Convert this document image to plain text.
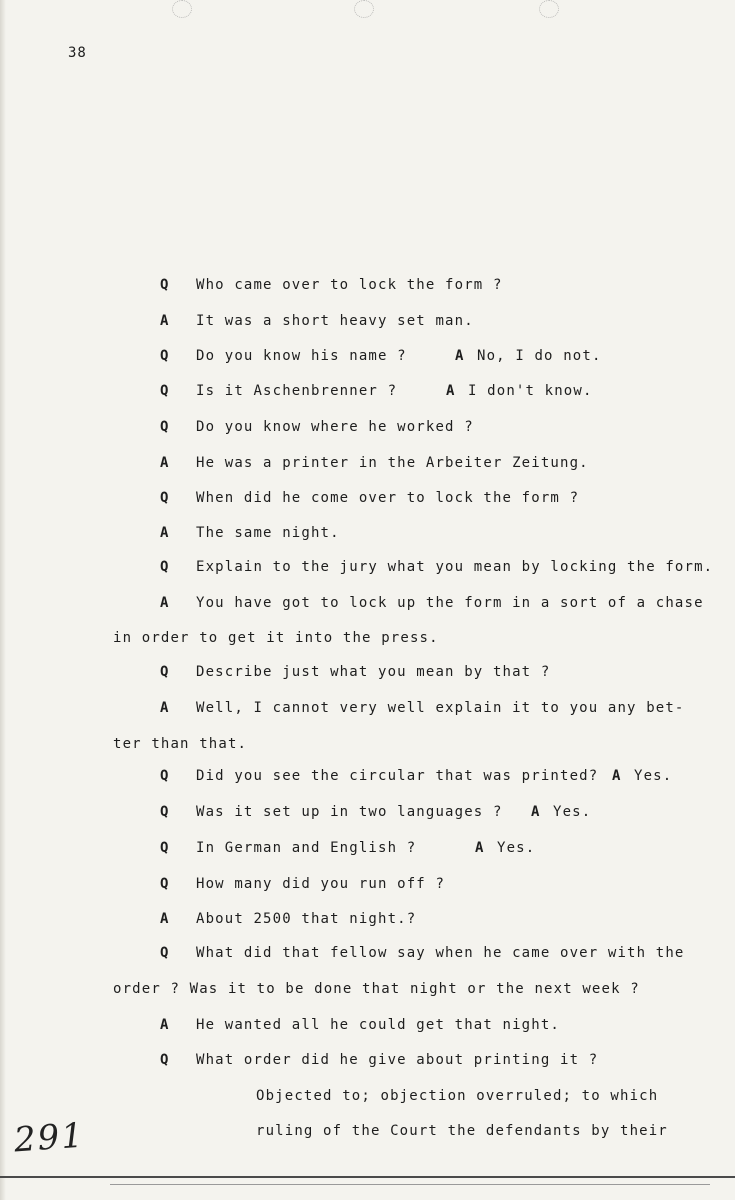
38
Q Who came over to lock the form ?
A It was a short heavy set man.
Q Do you know his name ?	A No, I do not.
Q Is it Aschenbrenner ?	A I don't know.
Q Do you know where he worked ?
A He was a printer in the Arbeiter Zeitung.
Q When did he come over to lock the form ?
A The same night.
Q Explain to the jury what you mean by locking the form.
A You have got to lock up the form in a sort of a chase
in order to get it into the press.
Q Describe just what you mean by that ?
A Well, I cannot very well explain it to you any bet-
ter than that.
Q Did you see the circular that was printed? A Yes.
Q Was it set up in two languages ? A Yes.
Q In German and English ?	A Yes.
Q How many did you run off ?
A About 2500 that night.?
Q What did that fellow say when he came over with the
order ? Was it to be done that night or the next week ?
A He wanted all he could get that night.
Q What order did he give about printing it ?
Objected to; objection overruled; to which
ruling of the Court the defendants by their
291
